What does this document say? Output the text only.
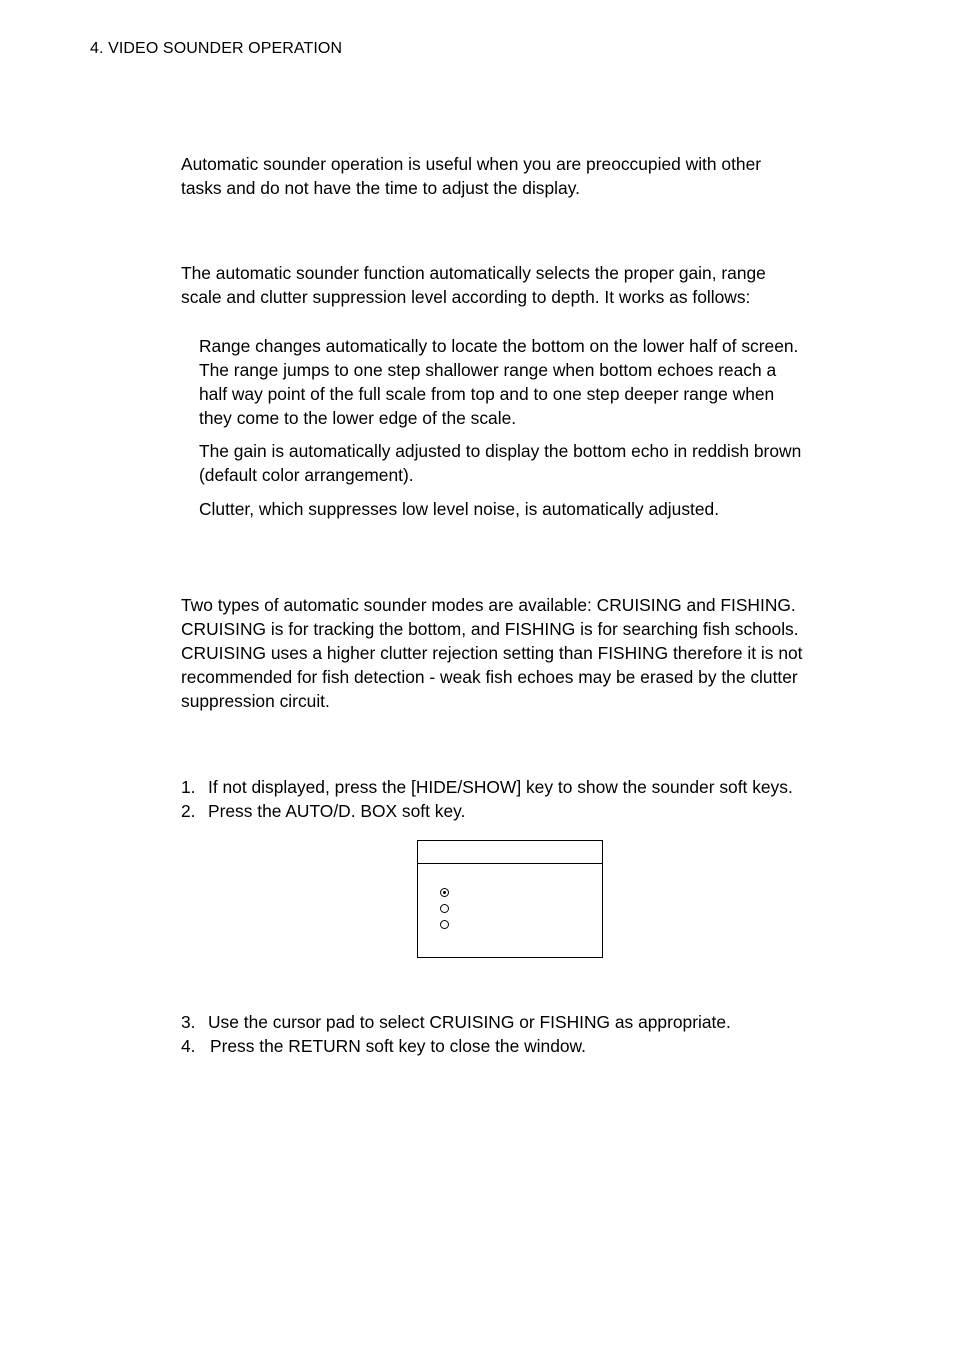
4. VIDEO SOUNDER OPERATION

Automatic sounder operation is useful when you are preoccupied with other
tasks and do not have the time to adjust the display.

The automatic sounder function automatically selects the proper gain, range
scale and clutter suppression level according to depth. It works as follows:

Range changes automatically to locate the bottom on the lower half of screen.
The range jumps to one step shallower range when bottom echoes reach a
half way point of the full scale from top and to one step deeper range when
they come to the lower edge of the scale.

The gain is automatically adjusted to display the bottom echo in reddish brown
(default color arrangement).

Clutter, which suppresses low level noise, is automatically adjusted.

Two types of automatic sounder modes are available: CRUISING and FISHING.
CRUISING is for tracking the bottom, and FISHING is for searching fish schools.
CRUISING uses a higher clutter rejection setting than FISHING therefore it is not
recommended for fish detection - weak fish echoes may be erased by the clutter
suppression circuit.

1. If not displayed, press the [HIDE/SHOW] key to show the sounder soft keys.
2. Press the AUTO/D. BOX soft key.
3. Use the cursor pad to select CRUISING or FISHING as appropriate.
4. Press the RETURN soft key to close the window.
